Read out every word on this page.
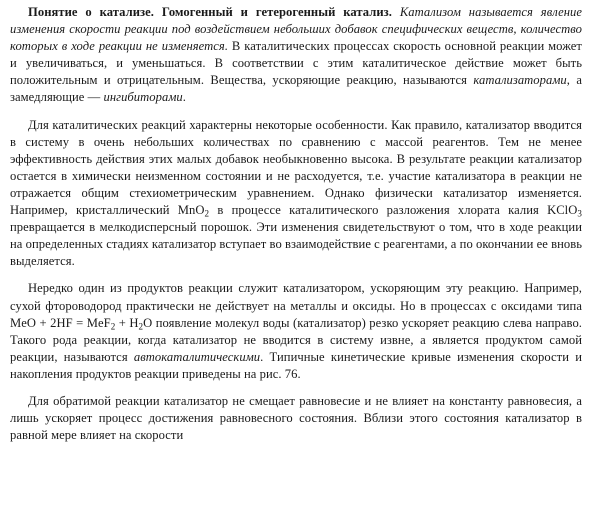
Понятие о катализе. Гомогенный и гетерогенный катализ. Катализом называется явление изменения скорости реакции под воздействием небольших добавок специфических веществ, количество которых в ходе реакции не изменяется. В каталитических процессах скорость основной реакции может и увеличиваться, и уменьшаться. В соответствии с этим каталитическое действие может быть положительным и отрицательным. Вещества, ускоряющие реакцию, называются катализаторами, а замедляющие — ингибиторами.

Для каталитических реакций характерны некоторые особенности. Как правило, катализатор вводится в систему в очень небольших количествах по сравнению с массой реагентов. Тем не менее эффективность действия этих малых добавок необыкновенно высока. В результате реакции катализатор остается в химически неизменном состоянии и не расходуется, т.е. участие катализатора в реакции не отражается общим стехиометрическим уравнением. Однако физически катализатор изменяется. Например, кристаллический MnO$_2$ в процессе каталитического разложения хлората калия KClO$_3$ превращается в мелкодисперсный порошок. Эти изменения свидетельствуют о том, что в ходе реакции на определенных стадиях катализатор вступает во взаимодействие с реагентами, а по окончании ее вновь выделяется.

Нередко один из продуктов реакции служит катализатором, ускоряющим эту реакцию. Например, сухой фтороводород практически не действует на металлы и оксиды. Но в процессах с оксидами типа MeO + $2HF = MeF_2 + H_2O$ появление молекул воды (катализатор) резко ускоряет реакцию слева направо. Такого рода реакции, когда катализатор не вводится в систему извне, а является продуктом самой реакции, называются автокаталитическими. Типичные кинетические кривые изменения скорости и накопления продуктов реакции приведены на рис. 76.

Для обратимой реакции катализатор не смещает равновесие и не влияет на константу равновесия, а лишь ускоряет процесс достижения равновесного состояния. Вблизи этого состояния катализатор в равной мере влияет на скорости
